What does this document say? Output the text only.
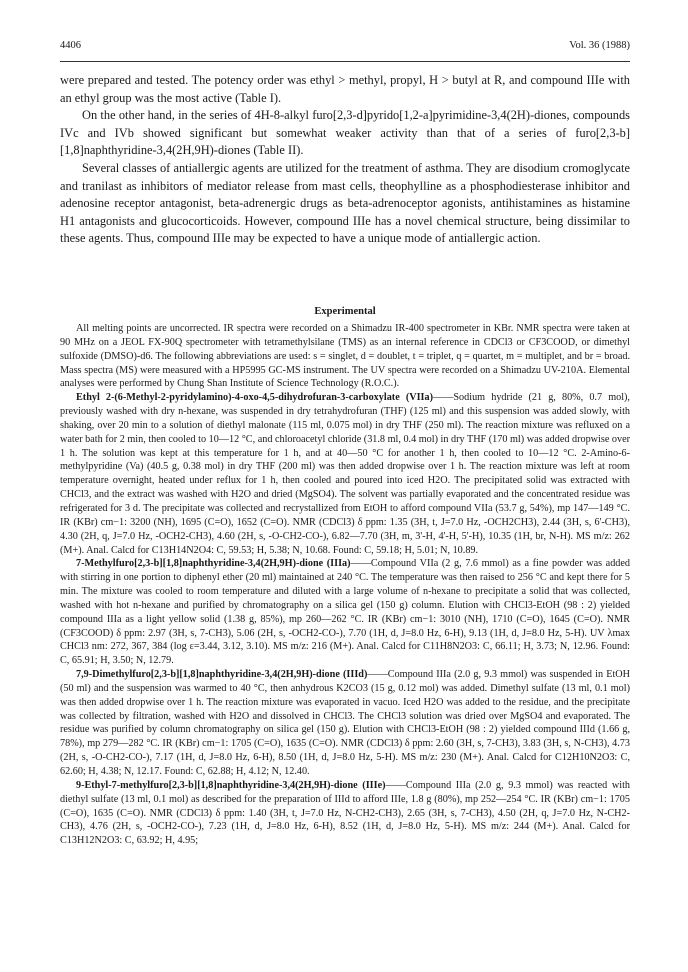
4406	Vol. 36 (1988)

were prepared and tested. The potency order was ethyl > methyl, propyl, H > butyl at R, and compound IIIe with an ethyl group was the most active (Table I).

On the other hand, in the series of 4H-8-alkyl furo[2,3-d]pyrido[1,2-a]pyrimidine-3,4(2H)-diones, compounds IVc and IVb showed significant but somewhat weaker activity than that of a series of furo[2,3-b][1,8]naphthyridine-3,4(2H,9H)-diones (Table II).

Several classes of antiallergic agents are utilized for the treatment of asthma. They are disodium cromoglycate and tranilast as inhibitors of mediator release from mast cells, theophylline as a phosphodiesterase inhibitor and adenosine receptor antagonist, beta-adrenergic drugs as beta-adrenoceptor agonists, antihistamines as histamine H1 antagonists and glucocorticoids. However, compound IIIe has a novel chemical structure, being dissimilar to these agents. Thus, compound IIIe may be expected to have a unique mode of antiallergic action.

Experimental

All melting points are uncorrected. IR spectra were recorded on a Shimadzu IR-400 spectrometer in KBr. NMR spectra were taken at 90 MHz on a JEOL FX-90Q spectrometer with tetramethylsilane (TMS) as an internal reference in CDCl3 or CF3COOD, or dimethyl sulfoxide (DMSO)-d6. The following abbreviations are used: s = singlet, d = doublet, t = triplet, q = quartet, m = multiplet, and br = broad. Mass spectra (MS) were measured with a HP5995 GC-MS instrument. The UV spectra were recorded on a Shimadzu UV-210A. Elemental analyses were performed by Chung Shan Institute of Science Technology (R.O.C.).

Ethyl 2-(6-Methyl-2-pyridylamino)-4-oxo-4,5-dihydrofuran-3-carboxylate (VIIa)——Sodium hydride (21 g, 80%, 0.7 mol), previously washed with dry n-hexane, was suspended in dry tetrahydrofuran (THF) (125 ml) and this suspension was added slowly, with shaking, over 20 min to a solution of diethyl malonate (115 ml, 0.075 mol) in dry THF (250 ml). The reaction mixture was refluxed on a water bath for 2 min, then cooled to 10—12 °C, and chloroacetyl chloride (31.8 ml, 0.4 mol) in dry THF (170 ml) was added dropwise over 1 h. The solution was kept at this temperature for 1 h, and at 40—50 °C for another 1 h, then cooled to 10—12 °C. 2-Amino-6-methylpyridine (Va) (40.5 g, 0.38 mol) in dry THF (200 ml) was then added dropwise over 1 h. The reaction mixture was left at room temperature overnight, heated under reflux for 1 h, then cooled and poured into iced H2O. The precipitated solid was extracted with CHCl3, and the extract was washed with H2O and dried (MgSO4). The solvent was partially evaporated and the concentrated residue was refrigerated for 3 d. The precipitate was collected and recrystallized from EtOH to afford compound VIIa (53.7 g, 54%), mp 147—149 °C. IR (KBr) cm−1: 3200 (NH), 1695 (C=O), 1652 (C=O). NMR (CDCl3) δ ppm: 1.35 (3H, t, J=7.0 Hz, -OCH2CH3), 2.44 (3H, s, 6'-CH3), 4.30 (2H, q, J=7.0 Hz, -OCH2-CH3), 4.60 (2H, s, -O-CH2-CO-), 6.82—7.70 (3H, m, 3'-H, 4'-H, 5'-H), 10.35 (1H, br, N-H). MS m/z: 262 (M+). Anal. Calcd for C13H14N2O4: C, 59.53; H, 5.38; N, 10.68. Found: C, 59.18; H, 5.01; N, 10.89.

7-Methylfuro[2,3-b][1,8]naphthyridine-3,4(2H,9H)-dione (IIIa)——Compound VIIa (2 g, 7.6 mmol) as a fine powder was added with stirring in one portion to diphenyl ether (20 ml) maintained at 240 °C. The temperature was then raised to 256 °C and kept there for 5 min. The mixture was cooled to room temperature and diluted with a large volume of n-hexane to precipitate a solid that was collected, washed with hot n-hexane and purified by chromatography on a silica gel (150 g) column. Elution with CHCl3-EtOH (98 : 2) yielded compound IIIa as a light yellow solid (1.38 g, 85%), mp 260—262 °C. IR (KBr) cm−1: 3010 (NH), 1710 (C=O), 1645 (C=O). NMR (CF3COOD) δ ppm: 2.97 (3H, s, 7-CH3), 5.06 (2H, s, -OCH2-CO-), 7.70 (1H, d, J=8.0 Hz, 6-H), 9.13 (1H, d, J=8.0 Hz, 5-H). UV λmax CHCl3 nm: 272, 367, 384 (log ε=3.44, 3.12, 3.10). MS m/z: 216 (M+). Anal. Calcd for C11H8N2O3: C, 66.11; H, 3.73; N, 12.96. Found: C, 65.91; H, 3.50; N, 12.79.

7,9-Dimethylfuro[2,3-b][1,8]naphthyridine-3,4(2H,9H)-dione (IIId)——Compound IIIa (2.0 g, 9.3 mmol) was suspended in EtOH (50 ml) and the suspension was warmed to 40 °C, then anhydrous K2CO3 (15 g, 0.12 mol) was added. Dimethyl sulfate (13 ml, 0.1 mol) was then added dropwise over 1 h. The reaction mixture was evaporated in vacuo. Iced H2O was added to the residue, and the precipitate was collected by filtration, washed with H2O and dissolved in CHCl3. The CHCl3 solution was dried over MgSO4 and evaporated. The residue was purified by column chromatography on silica gel (150 g). Elution with CHCl3-EtOH (98 : 2) yielded compound IIId (1.66 g, 78%), mp 279—282 °C. IR (KBr) cm−1: 1705 (C=O), 1635 (C=O). NMR (CDCl3) δ ppm: 2.60 (3H, s, 7-CH3), 3.83 (3H, s, N-CH3), 4.73 (2H, s, -O-CH2-CO-), 7.17 (1H, d, J=8.0 Hz, 6-H), 8.50 (1H, d, J=8.0 Hz, 5-H). MS m/z: 230 (M+). Anal. Calcd for C12H10N2O3: C, 62.60; H, 4.38; N, 12.17. Found: C, 62.88; H, 4.12; N, 12.40.

9-Ethyl-7-methylfuro[2,3-b][1,8]naphthyridine-3,4(2H,9H)-dione (IIIe)——Compound IIIa (2.0 g, 9.3 mmol) was reacted with diethyl sulfate (13 ml, 0.1 mol) as described for the preparation of IIId to afford IIIe, 1.8 g (80%), mp 252—254 °C. IR (KBr) cm−1: 1705 (C=O), 1635 (C=O). NMR (CDCl3) δ ppm: 1.40 (3H, t, J=7.0 Hz, N-CH2-CH3), 2.65 (3H, s, 7-CH3), 4.50 (2H, q, J=7.0 Hz, N-CH2-CH3), 4.76 (2H, s, -OCH2-CO-), 7.23 (1H, d, J=8.0 Hz, 6-H), 8.52 (1H, d, J=8.0 Hz, 5-H). MS m/z: 244 (M+). Anal. Calcd for C13H12N2O3: C, 63.92; H, 4.95;
